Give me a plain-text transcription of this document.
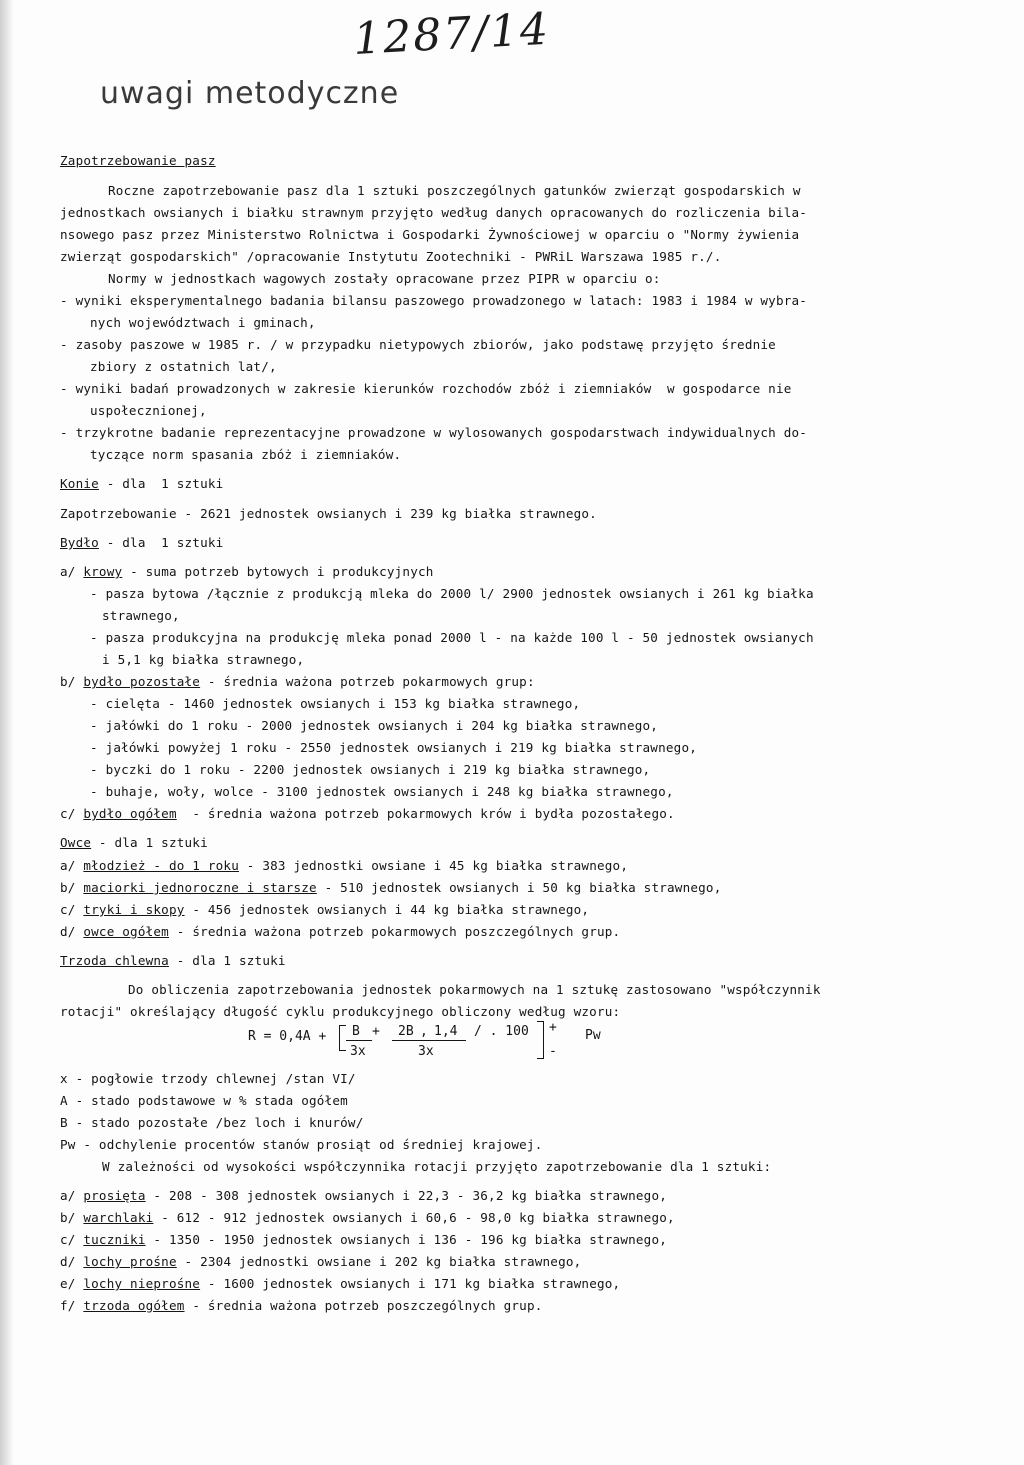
1287/14
uwagi metodyczne
Zapotrzebowanie pasz
Roczne zapotrzebowanie pasz dla 1 sztuki poszczególnych gatunków zwierząt gospodarskich w
jednostkach owsianych i białku strawnym przyjęto według danych opracowanych do rozliczenia bila-
nsowego pasz przez Ministerstwo Rolnictwa i Gospodarki Żywnościowej w oparciu o "Normy żywienia
zwierząt gospodarskich" /opracowanie Instytutu Zootechniki - PWRiL Warszawa 1985 r./.
Normy w jednostkach wagowych zostały opracowane przez PIPR w oparciu o:
- wyniki eksperymentalnego badania bilansu paszowego prowadzonego w latach: 1983 i 1984 w wybra-
nych województwach i gminach,
- zasoby paszowe w 1985 r. / w przypadku nietypowych zbiorów, jako podstawę przyjęto średnie
zbiory z ostatnich lat/,
- wyniki badań prowadzonych w zakresie kierunków rozchodów zbóż i ziemniaków  w gospodarce nie
uspołecznionej,
- trzykrotne badanie reprezentacyjne prowadzone w wylosowanych gospodarstwach indywidualnych do-
tyczące norm spasania zbóż i ziemniaków.
Konie - dla  1 sztuki
Zapotrzebowanie - 2621 jednostek owsianych i 239 kg białka strawnego.
Bydło - dla  1 sztuki
a/ krowy - suma potrzeb bytowych i produkcyjnych
- pasza bytowa /łącznie z produkcją mleka do 2000 l/ 2900 jednostek owsianych i 261 kg białka
strawnego,
- pasza produkcyjna na produkcję mleka ponad 2000 l - na każde 100 l - 50 jednostek owsianych
i 5,1 kg białka strawnego,
b/ bydło pozostałe - średnia ważona potrzeb pokarmowych grup:
- cielęta - 1460 jednostek owsianych i 153 kg białka strawnego,
- jałówki do 1 roku - 2000 jednostek owsianych i 204 kg białka strawnego,
- jałówki powyżej 1 roku - 2550 jednostek owsianych i 219 kg białka strawnego,
- byczki do 1 roku - 2200 jednostek owsianych i 219 kg białka strawnego,
- buhaje, woły, wolce - 3100 jednostek owsianych i 248 kg białka strawnego,
c/ bydło ogółem  - średnia ważona potrzeb pokarmowych krów i bydła pozostałego.
Owce - dla 1 sztuki
a/ młodzież - do 1 roku - 383 jednostki owsiane i 45 kg białka strawnego,
b/ maciorki jednoroczne i starsze - 510 jednostek owsianych i 50 kg białka strawnego,
c/ tryki i skopy - 456 jednostek owsianych i 44 kg białka strawnego,
d/ owce ogółem - średnia ważona potrzeb pokarmowych poszczególnych grup.
Trzoda chlewna - dla 1 sztuki
Do obliczenia zapotrzebowania jednostek pokarmowych na 1 sztukę zastosowano "współczynnik
rotacji" określający długość cyklu produkcyjnego obliczony według wzoru:
x - pogłowie trzody chlewnej /stan VI/
A - stado podstawowe w % stada ogółem
B - stado pozostałe /bez loch i knurów/
Pw - odchylenie procentów stanów prosiąt od średniej krajowej.
W zależności od wysokości współczynnika rotacji przyjęto zapotrzebowanie dla 1 sztuki:
a/ prosięta - 208 - 308 jednostek owsianych i 22,3 - 36,2 kg białka strawnego,
b/ warchlaki - 612 - 912 jednostek owsianych i 60,6 - 98,0 kg białka strawnego,
c/ tuczniki - 1350 - 1950 jednostek owsianych i 136 - 196 kg białka strawnego,
d/ lochy prośne - 2304 jednostki owsiane i 202 kg białka strawnego,
e/ lochy nieprośne - 1600 jednostek owsianych i 171 kg białka strawnego,
f/ trzoda ogółem - średnia ważona potrzeb poszczególnych grup.
R = 0,4A + B + 2B , 1,4 / . 100
3x	3x
+
-
Pw
